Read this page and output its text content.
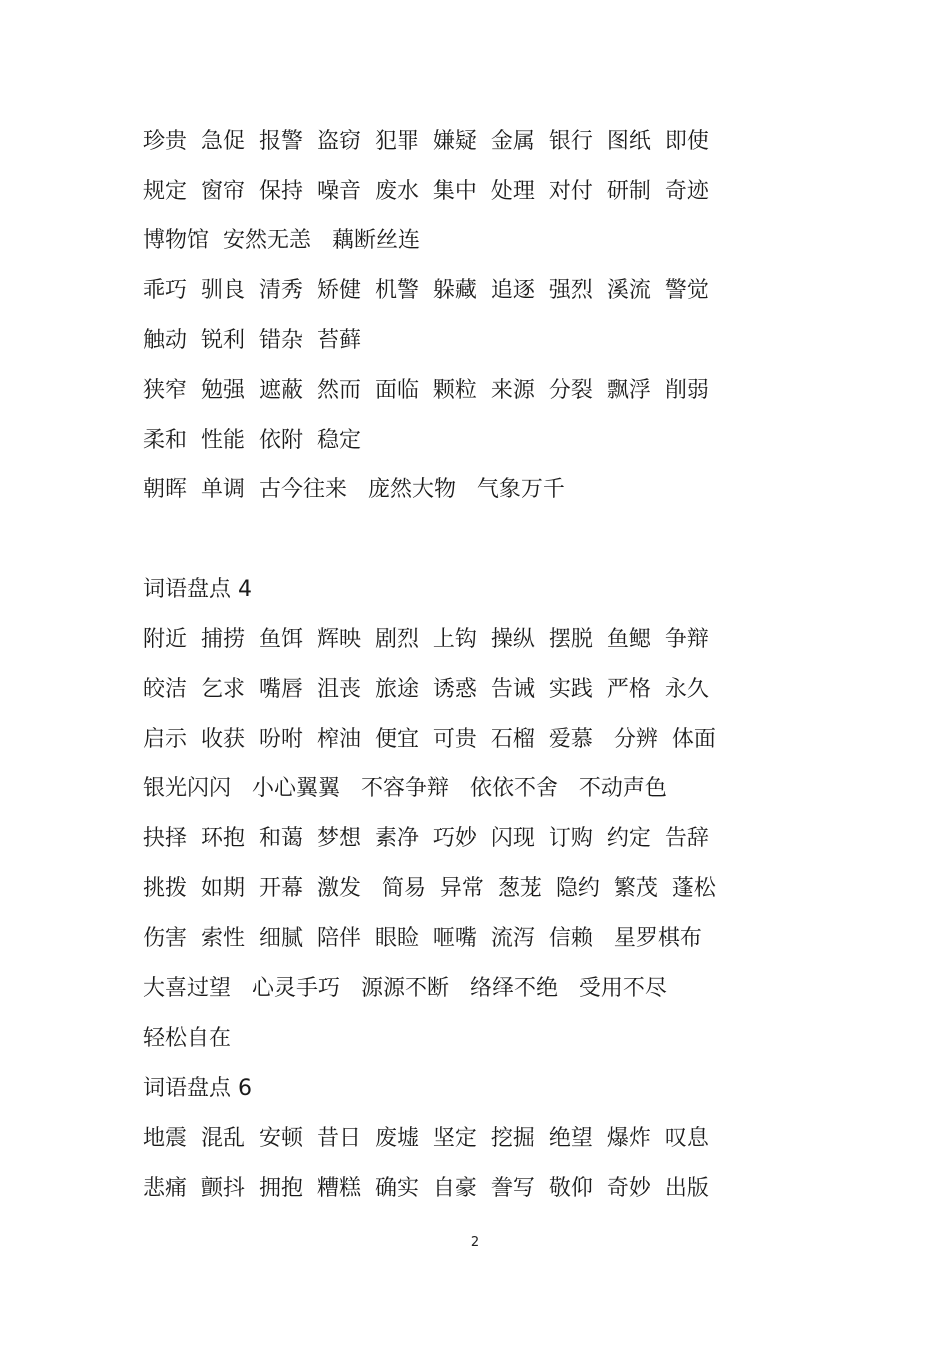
珍贵  急促  报警  盗窃  犯罪  嫌疑  金属  银行  图纸  即使
规定  窗帘  保持  噪音  废水  集中  处理  对付  研制  奇迹
博物馆  安然无恙   藕断丝连
乖巧  驯良  清秀  矫健  机警  躲藏  追逐  强烈  溪流  警觉
触动  锐利  错杂  苔藓
狭窄  勉强  遮蔽  然而  面临  颗粒  来源  分裂  飘浮  削弱
柔和  性能  依附  稳定
朝晖  单调  古今往来   庞然大物   气象万千
词语盘点 4
附近  捕捞  鱼饵  辉映  剧烈  上钩  操纵  摆脱  鱼鳃  争辩
皎洁  乞求  嘴唇  沮丧  旅途  诱惑  告诫  实践  严格  永久
启示  收获  吩咐  榨油  便宜  可贵  石榴  爱慕   分辨  体面
银光闪闪   小心翼翼   不容争辩   依依不舍   不动声色
抉择  环抱  和蔼  梦想  素净  巧妙  闪现  订购  约定  告辞
挑拨  如期  开幕  激发   简易  异常  葱茏  隐约  繁茂  蓬松
伤害  索性  细腻  陪伴  眼睑  咂嘴  流泻  信赖   星罗棋布
大喜过望   心灵手巧   源源不断   络绎不绝   受用不尽
轻松自在
词语盘点 6
地震  混乱  安顿  昔日  废墟  坚定  挖掘  绝望  爆炸  叹息
悲痛  颤抖  拥抱  糟糕  确实  自豪  誊写  敬仰  奇妙  出版
2
